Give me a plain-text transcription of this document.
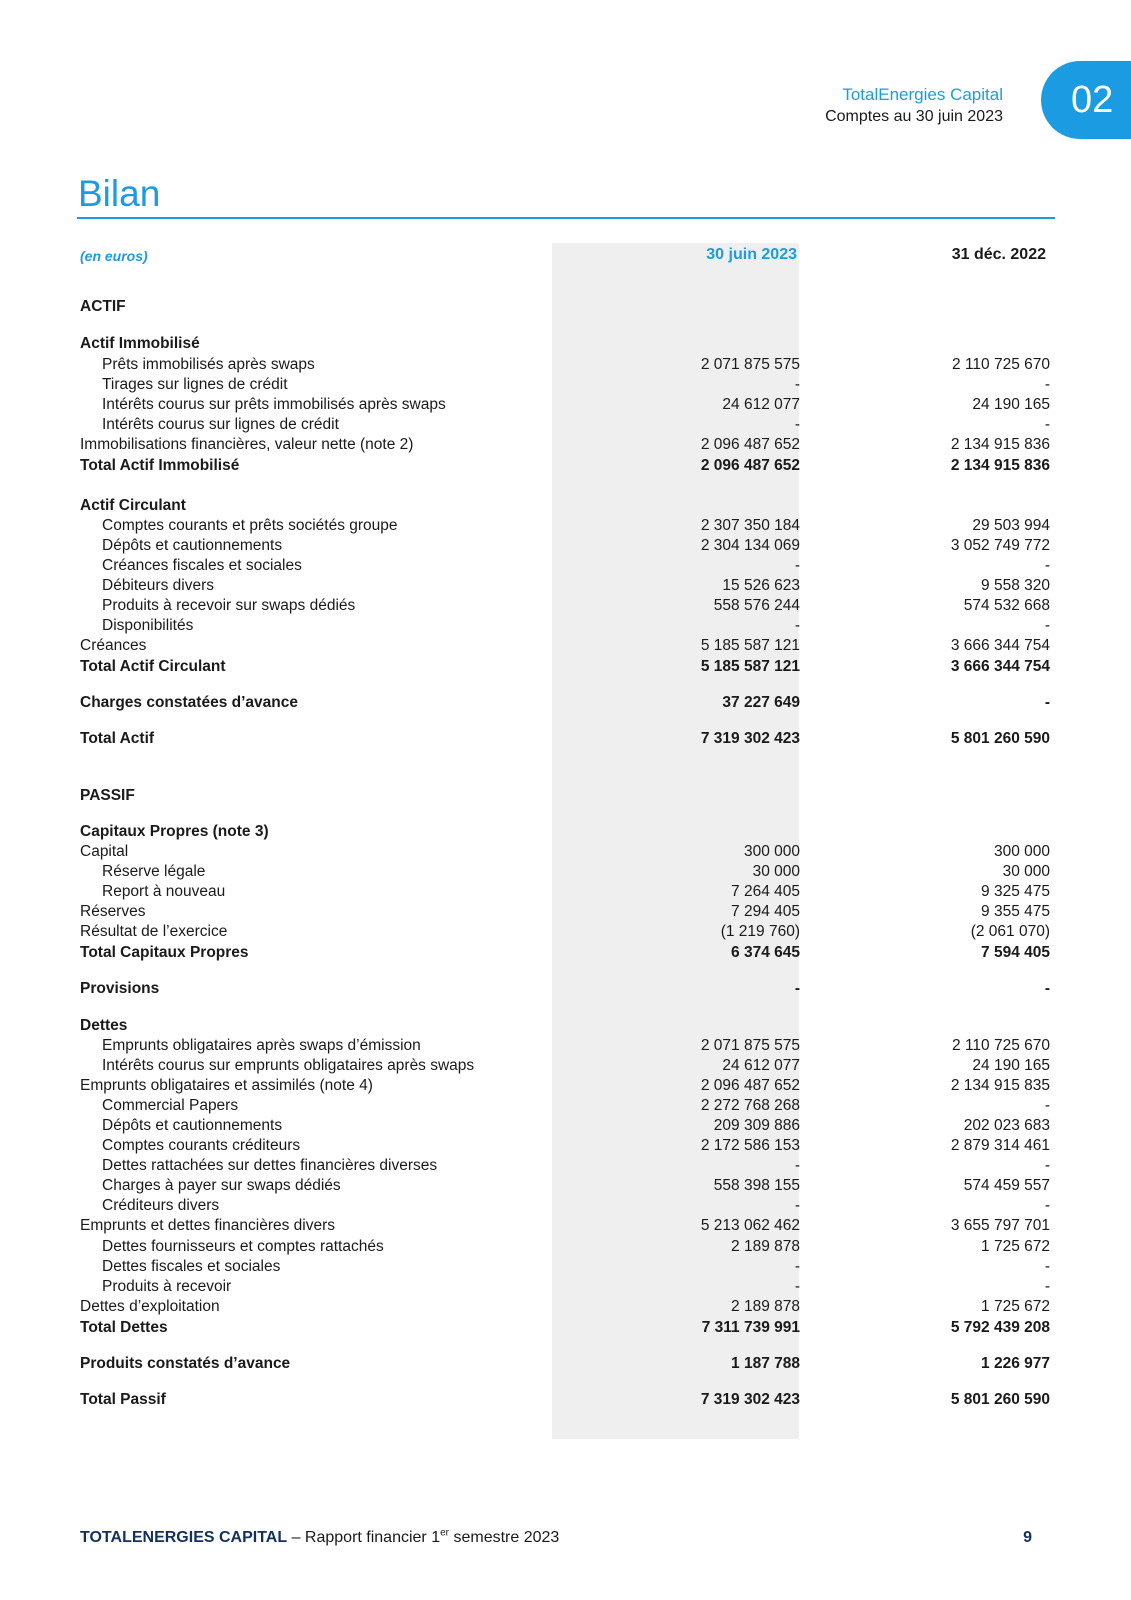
TotalEnergies Capital
Comptes au 30 juin 2023	02
Bilan
(en euros)	30 juin 2023	31 déc. 2022
ACTIF
Actif Immobilisé
Prêts immobilisés après swaps	2 071 875 575	2 110 725 670
Tirages sur lignes de crédit	-	-
Intérêts courus sur prêts immobilisés après swaps	24 612 077	24 190 165
Intérêts courus sur lignes de crédit	-	-
Immobilisations financières, valeur nette (note 2)	2 096 487 652	2 134 915 836
Total Actif Immobilisé	2 096 487 652	2 134 915 836
Actif Circulant
Comptes courants et prêts sociétés groupe	2 307 350 184	29 503 994
Dépôts et cautionnements	2 304 134 069	3 052 749 772
Créances fiscales et sociales	-	-
Débiteurs divers	15 526 623	9 558 320
Produits à recevoir sur swaps dédiés	558 576 244	574 532 668
Disponibilités	-	-
Créances	5 185 587 121	3 666 344 754
Total Actif Circulant	5 185 587 121	3 666 344 754
Charges constatées d’avance	37 227 649	-
Total Actif	7 319 302 423	5 801 260 590
PASSIF
Capitaux Propres (note 3)
Capital	300 000	300 000
Réserve légale	30 000	30 000
Report à nouveau	7 264 405	9 325 475
Réserves	7 294 405	9 355 475
Résultat de l’exercice	(1 219 760)	(2 061 070)
Total Capitaux Propres	6 374 645	7 594 405
Provisions	-	-
Dettes
Emprunts obligataires après swaps d’émission	2 071 875 575	2 110 725 670
Intérêts courus sur emprunts obligataires après swaps	24 612 077	24 190 165
Emprunts obligataires et assimilés (note 4)	2 096 487 652	2 134 915 835
Commercial Papers	2 272 768 268	-
Dépôts et cautionnements	209 309 886	202 023 683
Comptes courants créditeurs	2 172 586 153	2 879 314 461
Dettes rattachées sur dettes financières diverses	-	-
Charges à payer sur swaps dédiés	558 398 155	574 459 557
Créditeurs divers	-	-
Emprunts et dettes financières divers	5 213 062 462	3 655 797 701
Dettes fournisseurs et comptes rattachés	2 189 878	1 725 672
Dettes fiscales et sociales	-	-
Produits à recevoir	-	-
Dettes d’exploitation	2 189 878	1 725 672
Total Dettes	7 311 739 991	5 792 439 208
Produits constatés d’avance	1 187 788	1 226 977
Total Passif	7 319 302 423	5 801 260 590
TOTALENERGIES CAPITAL – Rapport financier 1er semestre 2023	9
